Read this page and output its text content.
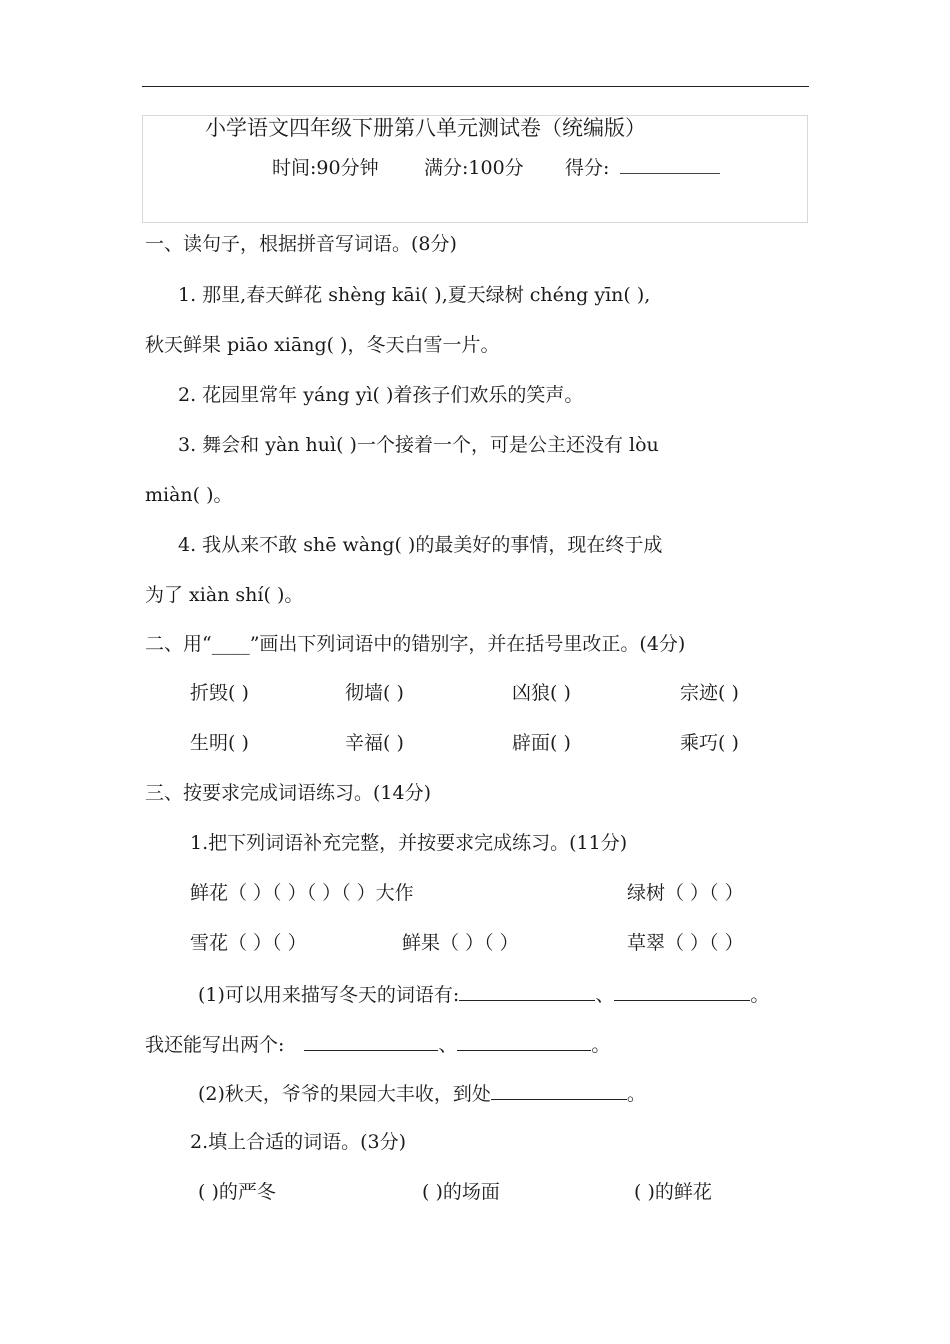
小学语文四年级下册第八单元测试卷（统编版）
时间:90分钟 满分:100分 得分:
一、读句子，根据拼音写词语。(8分)
1. 那里,春天鲜花 shèng kāi( ),夏天绿树 chéng yīn( ),
秋天鲜果 piāo xiāng( )，冬天白雪一片。
2. 花园里常年 yáng yì( )着孩子们欢乐的笑声。
3. 舞会和 yàn huì( )一个接着一个，可是公主还没有 lòu
miàn( )。
4. 我从来不敢 shē wàng( )的最美好的事情，现在终于成
为了 xiàn shí( )。
二、用“____”画出下列词语中的错别字，并在括号里改正。(4分)
折毁( )	彻墙( )	凶狼( )	宗迹( )
生明( )	辛福( )	辟面( )	乘巧( )
三、按要求完成词语练习。(14分)
1.把下列词语补充完整，并按要求完成练习。(11分)
鲜花（ ）（ ）（ ）（ ）大作	绿树（ ）（ ）
雪花（ ）（ ）	鲜果（ ）（ ）	草翠（ ）（ ）
(1)可以用来描写冬天的词语有:	、	。
我还能写出两个:	、	。
(2)秋天，爷爷的果园大丰收，到处	。
2.填上合适的词语。(3分)
( )的严冬	( )的场面	( )的鲜花
